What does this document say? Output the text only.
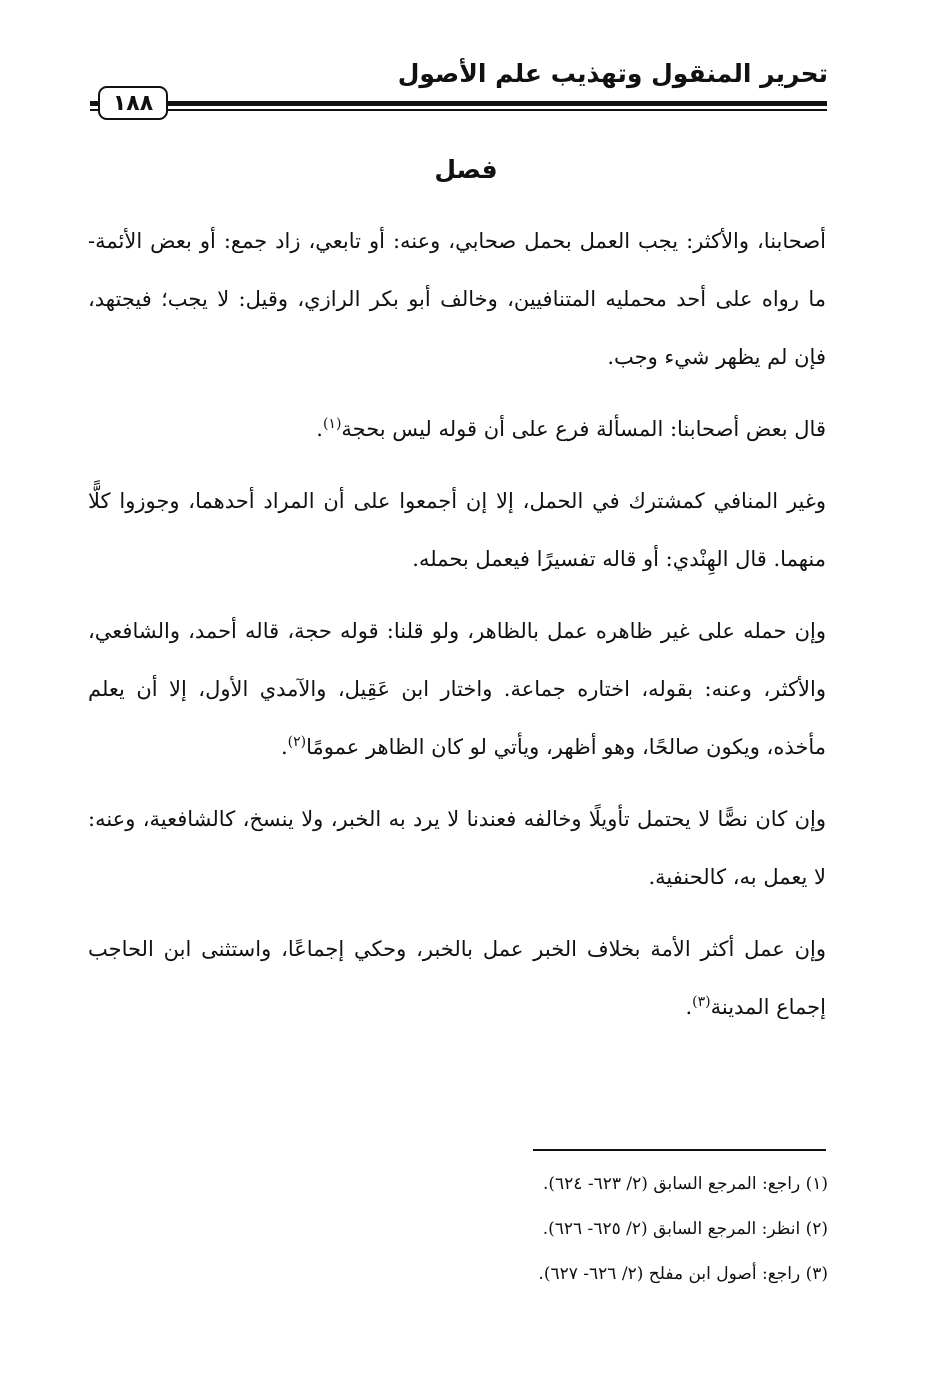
تحرير المنقول وتهذيب علم الأصول
١٨٨
فصل

أصحابنا، والأكثر: يجب العمل بحمل صحابي، وعنه: أو تابعي، زاد جمع: أو بعض الأئمة- ما رواه على أحد محمليه المتنافيين، وخالف أبو بكر الرازي، وقيل: لا يجب؛ فيجتهد، فإن لم يظهر شيء وجب.

قال بعض أصحابنا: المسألة فرع على أن قوله ليس بحجة$^{(١)}$.

وغير المنافي كمشترك في الحمل، إلا إن أجمعوا على أن المراد أحدهما، وجوزوا كلًّا منهما. قال الهِنْدي: أو قاله تفسيرًا فيعمل بحمله.

وإن حمله على غير ظاهره عمل بالظاهر، ولو قلنا: قوله حجة، قاله أحمد، والشافعي، والأكثر، وعنه: بقوله، اختاره جماعة. واختار ابن عَقِيل، والآمدي الأول، إلا أن يعلم مأخذه، ويكون صالحًا، وهو أظهر، ويأتي لو كان الظاهر عمومًا$^{(٢)}$.

وإن كان نصًّا لا يحتمل تأويلًا وخالفه فعندنا لا يرد به الخبر، ولا ينسخ، كالشافعية، وعنه: لا يعمل به، كالحنفية.

وإن عمل أكثر الأمة بخلاف الخبر عمل بالخبر، وحكي إجماعًا، واستثنى ابن الحاجب إجماع المدينة$^{(٣)}$.

(١) راجع: المرجع السابق (٢/ ٦٢٣- ٦٢٤).
(٢) انظر: المرجع السابق (٢/ ٦٢٥- ٦٢٦).
(٣) راجع: أصول ابن مفلح (٢/ ٦٢٦- ٦٢٧).
